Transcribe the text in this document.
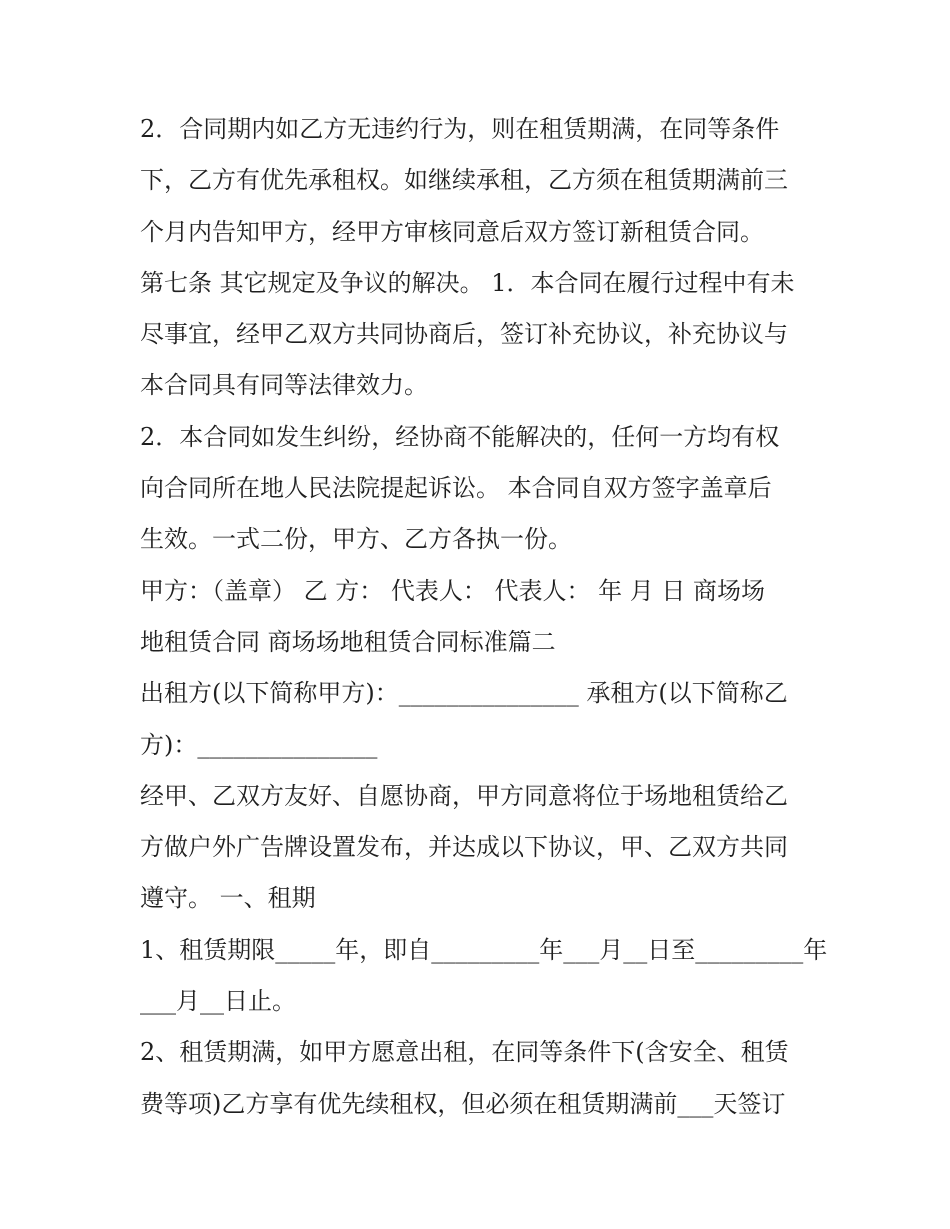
2．合同期内如乙方无违约行为，则在租赁期满，在同等条件
下，乙方有优先承租权。如继续承租，乙方须在租赁期满前三
个月内告知甲方，经甲方审核同意后双方签订新租赁合同。
第七条 其它规定及争议的解决。 1．本合同在履行过程中有未
尽事宜，经甲乙双方共同协商后，签订补充协议，补充协议与
本合同具有同等法律效力。
2．本合同如发生纠纷，经协商不能解决的，任何一方均有权
向合同所在地人民法院提起诉讼。 本合同自双方签字盖章后
生效。一式二份，甲方、乙方各执一份。
甲方：（盖章） 乙 方： 代表人： 代表人： 年 月 日 商场场
地租赁合同 商场场地租赁合同标准篇二
出租方(以下简称甲方)：_______________ 承租方(以下简称乙
方)：_______________
经甲、乙双方友好、自愿协商，甲方同意将位于场地租赁给乙
方做户外广告牌设置发布，并达成以下协议，甲、乙双方共同
遵守。 一、租期
1、租赁期限_____年，即自_________年___月__日至_________年
___月__日止。
2、租赁期满，如甲方愿意出租，在同等条件下(含安全、租赁
费等项)乙方享有优先续租权，但必须在租赁期满前___天签订
